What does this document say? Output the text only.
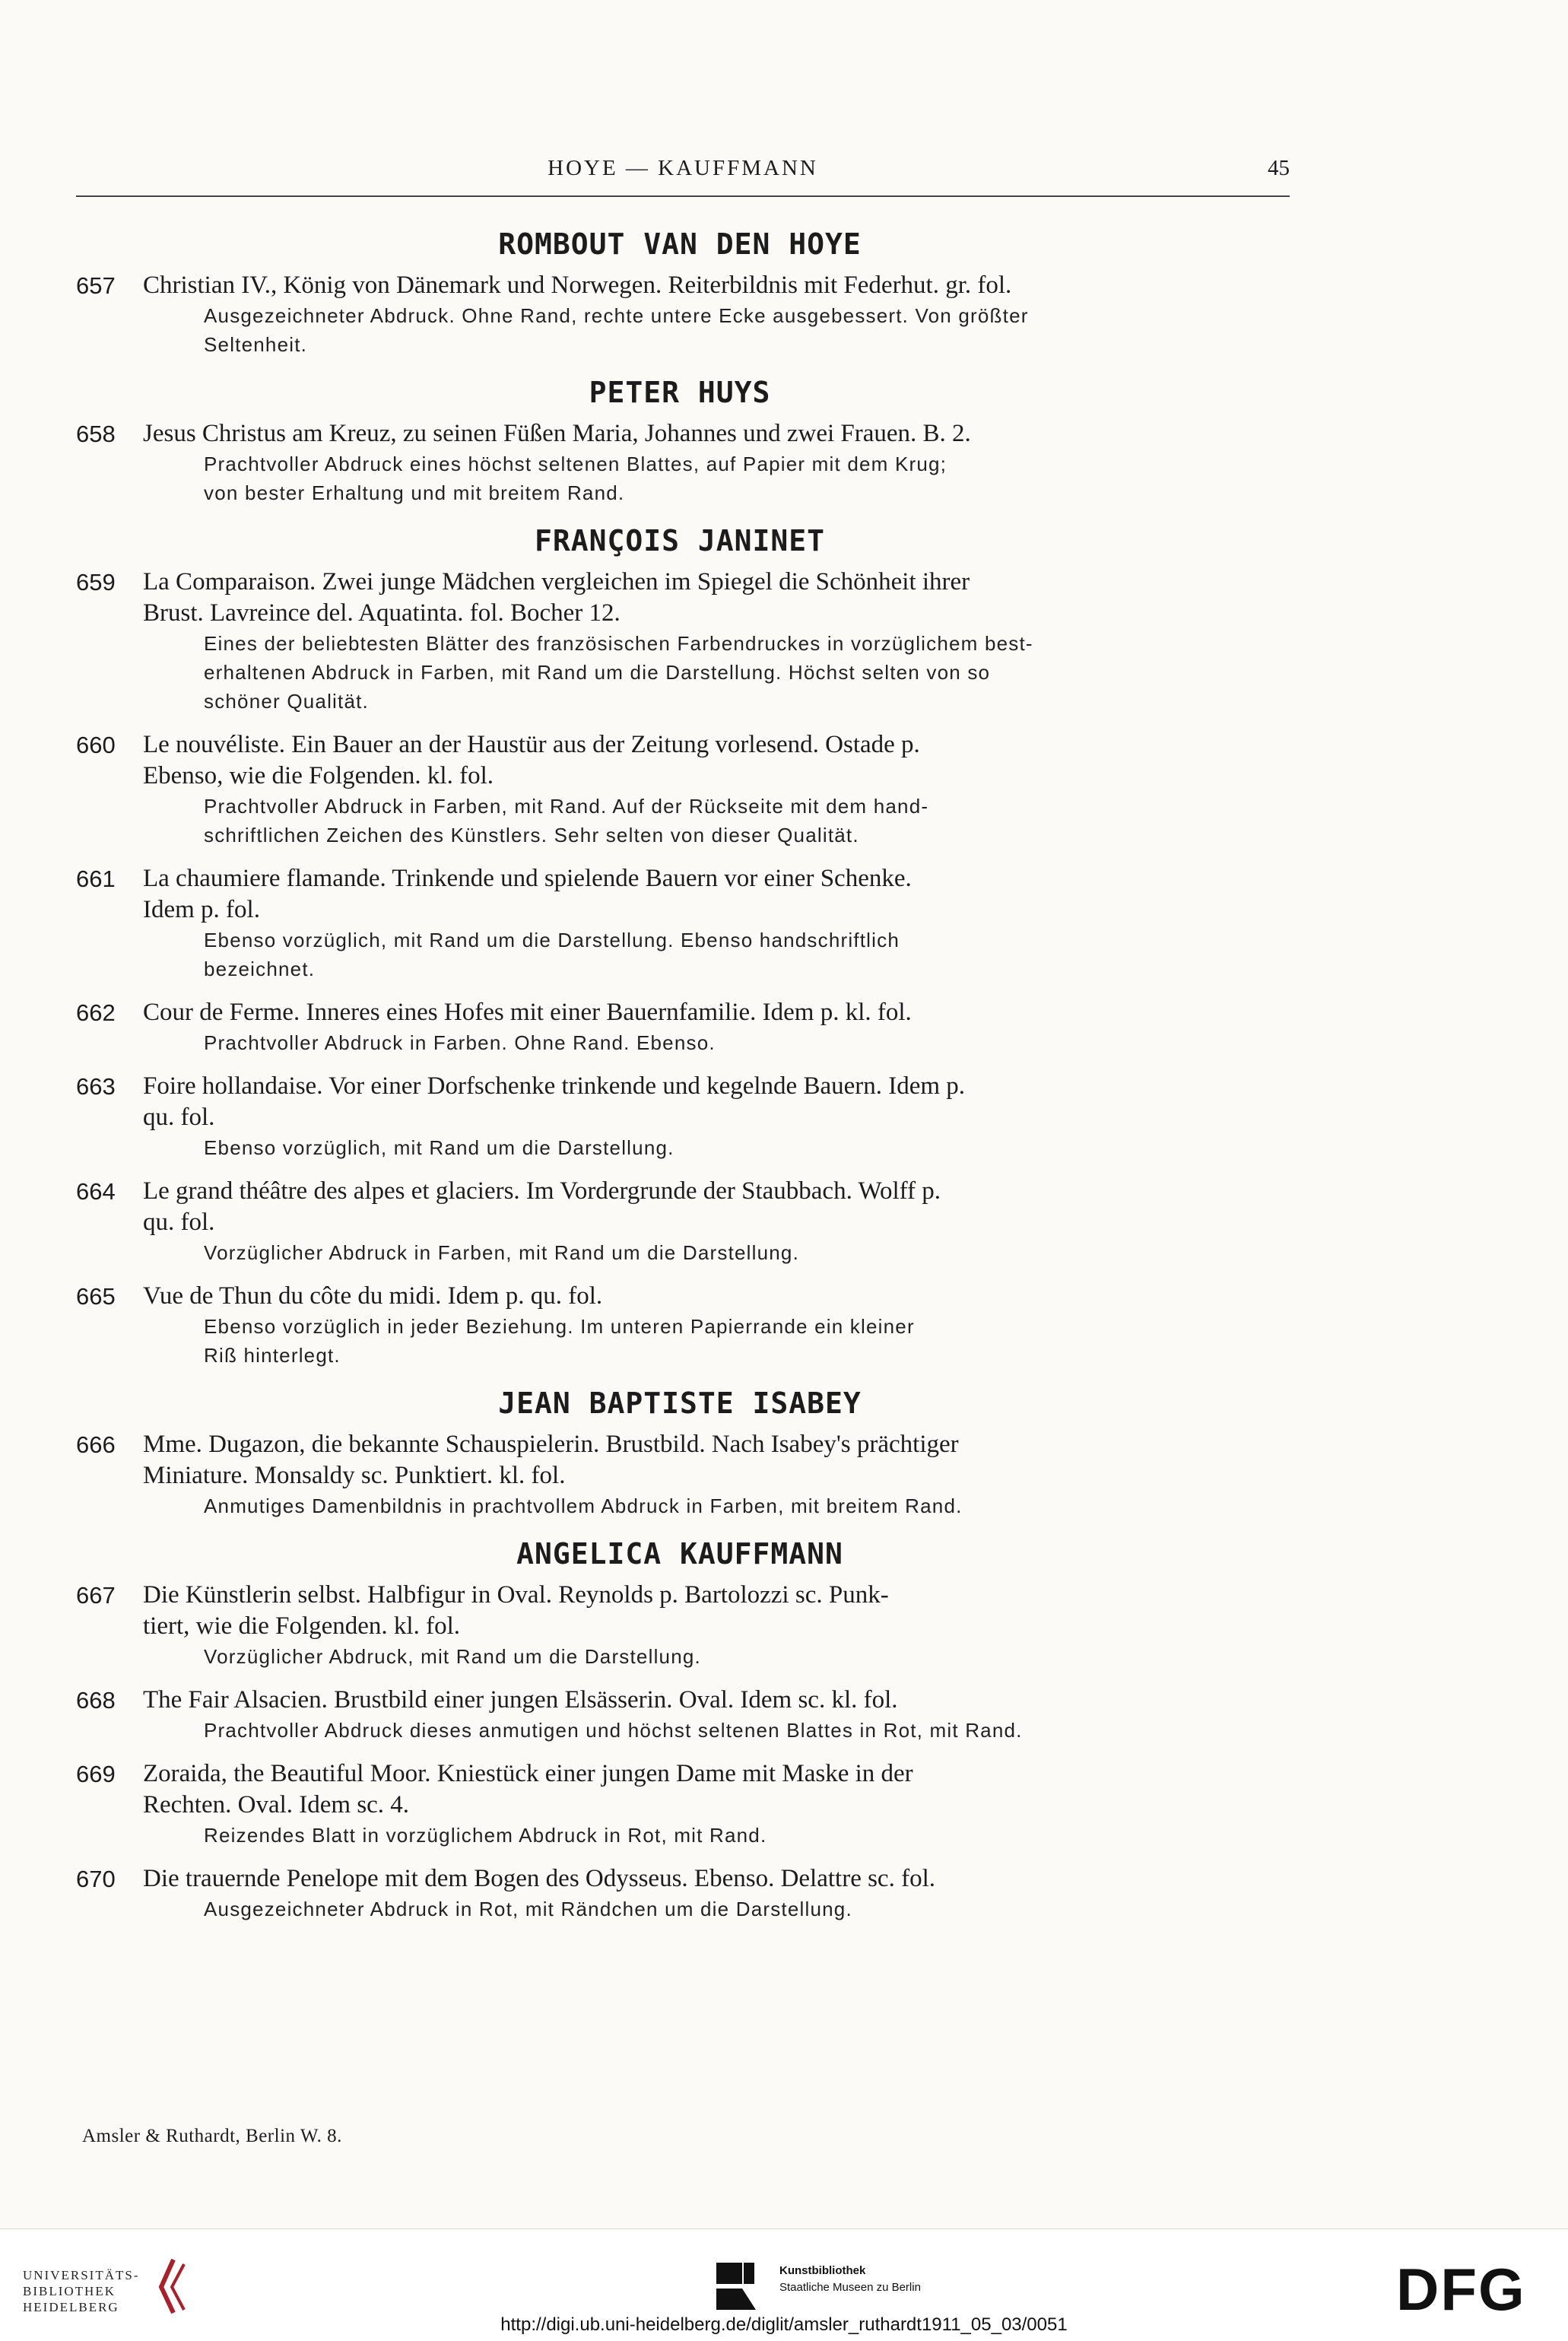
HOYE — KAUFFMANN	45
ROMBOUT VAN DEN HOYE
657	Christian IV., König von Dänemark und Norwegen. Reiterbildnis mit Federhut. gr. fol.
Ausgezeichneter Abdruck. Ohne Rand, rechte untere Ecke ausgebessert. Von größter
Seltenheit.
PETER HUYS
658	Jesus Christus am Kreuz, zu seinen Füßen Maria, Johannes und zwei Frauen. B. 2.
Prachtvoller Abdruck eines höchst seltenen Blattes, auf Papier mit dem Krug;
von bester Erhaltung und mit breitem Rand.
FRANÇOIS JANINET
659	La Comparaison. Zwei junge Mädchen vergleichen im Spiegel die Schönheit ihrer
Brust. Lavreince del. Aquatinta. fol. Bocher 12.
Eines der beliebtesten Blätter des französischen Farbendruckes in vorzüglichem best-
erhaltenen Abdruck in Farben, mit Rand um die Darstellung. Höchst selten von so
schöner Qualität.
660	Le nouvéliste. Ein Bauer an der Haustür aus der Zeitung vorlesend. Ostade p.
Ebenso, wie die Folgenden. kl. fol.
Prachtvoller Abdruck in Farben, mit Rand. Auf der Rückseite mit dem hand-
schriftlichen Zeichen des Künstlers. Sehr selten von dieser Qualität.
661	La chaumiere flamande. Trinkende und spielende Bauern vor einer Schenke.
Idem p. fol.
Ebenso vorzüglich, mit Rand um die Darstellung. Ebenso handschriftlich
bezeichnet.
662	Cour de Ferme. Inneres eines Hofes mit einer Bauernfamilie. Idem p. kl. fol.
Prachtvoller Abdruck in Farben. Ohne Rand. Ebenso.
663	Foire hollandaise. Vor einer Dorfschenke trinkende und kegelnde Bauern. Idem p.
qu. fol.
Ebenso vorzüglich, mit Rand um die Darstellung.
664	Le grand théâtre des alpes et glaciers. Im Vordergrunde der Staubbach. Wolff p.
qu. fol.
Vorzüglicher Abdruck in Farben, mit Rand um die Darstellung.
665	Vue de Thun du côte du midi. Idem p. qu. fol.
Ebenso vorzüglich in jeder Beziehung. Im unteren Papierrande ein kleiner
Riß hinterlegt.
JEAN BAPTISTE ISABEY
666	Mme. Dugazon, die bekannte Schauspielerin. Brustbild. Nach Isabey's prächtiger
Miniature. Monsaldy sc. Punktiert. kl. fol.
Anmutiges Damenbildnis in prachtvollem Abdruck in Farben, mit breitem Rand.
ANGELICA KAUFFMANN
667	Die Künstlerin selbst. Halbfigur in Oval. Reynolds p. Bartolozzi sc. Punk-
tiert, wie die Folgenden. kl. fol.
Vorzüglicher Abdruck, mit Rand um die Darstellung.
668	The Fair Alsacien. Brustbild einer jungen Elsässerin. Oval. Idem sc. kl. fol.
Prachtvoller Abdruck dieses anmutigen und höchst seltenen Blattes in Rot, mit Rand.
669	Zoraida, the Beautiful Moor. Kniestück einer jungen Dame mit Maske in der
Rechten. Oval. Idem sc. 4.
Reizendes Blatt in vorzüglichem Abdruck in Rot, mit Rand.
670	Die trauernde Penelope mit dem Bogen des Odysseus. Ebenso. Delattre sc. fol.
Ausgezeichneter Abdruck in Rot, mit Rändchen um die Darstellung.
Amsler & Ruthardt, Berlin W. 8.
UNIVERSITÄTS-
BIBLIOTHEK
HEIDELBERG
Kunstbibliothek
Staatliche Museen zu Berlin	DFG
http://digi.ub.uni-heidelberg.de/diglit/amsler_ruthardt1911_05_03/0051
